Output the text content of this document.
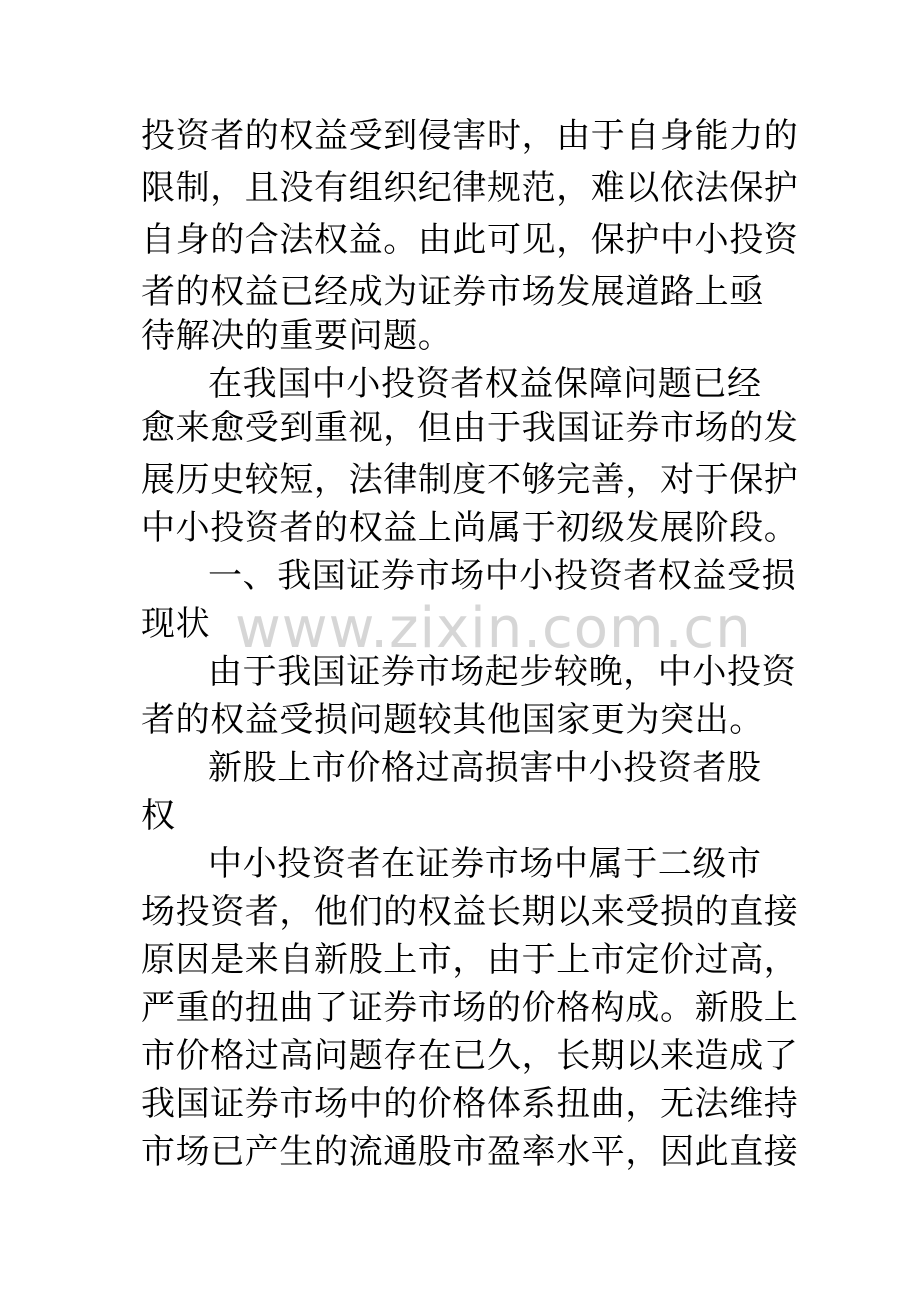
投资者的权益受到侵害时，由于自身能力的
限制，且没有组织纪律规范，难以依法保护
自身的合法权益。由此可见，保护中小投资
者的权益已经成为证券市场发展道路上亟
待解决的重要问题。
在我国中小投资者权益保障问题已经
愈来愈受到重视，但由于我国证券市场的发
展历史较短，法律制度不够完善，对于保护
中小投资者的权益上尚属于初级发展阶段。
一、我国证券市场中小投资者权益受损
现状
由于我国证券市场起步较晚，中小投资
者的权益受损问题较其他国家更为突出。
新股上市价格过高损害中小投资者股
权
中小投资者在证券市场中属于二级市
场投资者，他们的权益长期以来受损的直接
原因是来自新股上市，由于上市定价过高，
严重的扭曲了证券市场的价格构成。新股上
市价格过高问题存在已久，长期以来造成了
我国证券市场中的价格体系扭曲，无法维持
市场已产生的流通股市盈率水平，因此直接
www.zixin.com.cn
